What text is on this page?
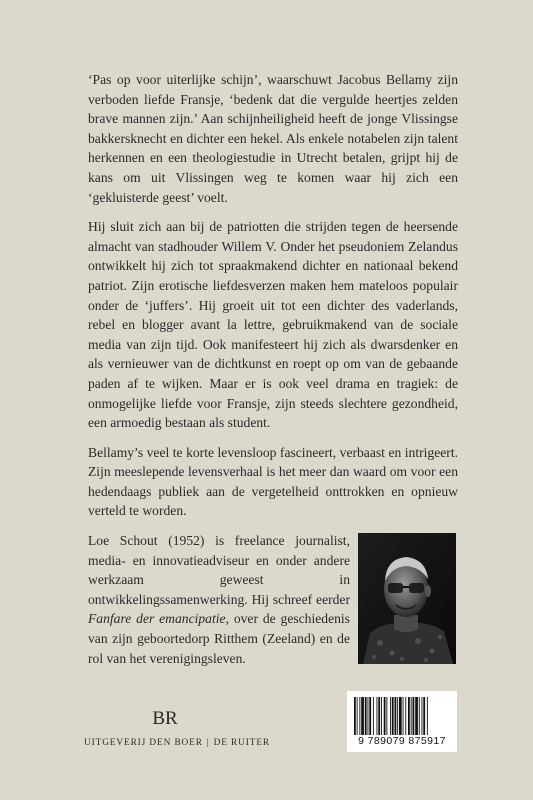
‘Pas op voor uiterlijke schijn’, waarschuwt Jacobus Bellamy zijn verboden liefde Fransje, ‘bedenk dat die vergulde heertjes zelden brave mannen zijn.’ Aan schijnheiligheid heeft de jonge Vlissingse bakkersknecht en dichter een hekel. Als enkele notabelen zijn talent herkennen en een theologiestudie in Utrecht betalen, grijpt hij de kans om uit Vlissingen weg te komen waar hij zich een ‘gekluisterde geest’ voelt.

Hij sluit zich aan bij de patriotten die strijden tegen de heersende almacht van stadhouder Willem V. Onder het pseudoniem Zelandus ontwikkelt hij zich tot spraakmakend dichter en nationaal bekend patriot. Zijn erotische liefdesverzen maken hem mateloos populair onder de ‘juffers’. Hij groeit uit tot een dichter des vaderlands, rebel en blogger avant la lettre, gebruikmakend van de sociale media van zijn tijd. Ook manifesteert hij zich als dwarsdenker en als vernieuwer van de dichtkunst en roept op om van de gebaande paden af te wijken. Maar er is ook veel drama en tragiek: de onmogelijke liefde voor Fransje, zijn steeds slechtere gezondheid, een armoedig bestaan als student.

Bellamy’s veel te korte levensloop fascineert, verbaast en intrigeert. Zijn meeslepende levensverhaal is het meer dan waard om voor een hedendaags publiek aan de vergetelheid onttrokken en opnieuw verteld te worden.

Loe Schout (1952) is freelance journalist, media- en innovatieadviseur en onder andere werkzaam geweest in ontwikkelingssamenwerking. Hij schreef eerder Fanfare der emancipatie, over de geschiedenis van zijn geboortedorp Ritthem (Zeeland) en de rol van het verenigingsleven.

BR
UITGEVERIJ DEN BOER | DE RUITER	9 789079 875917
